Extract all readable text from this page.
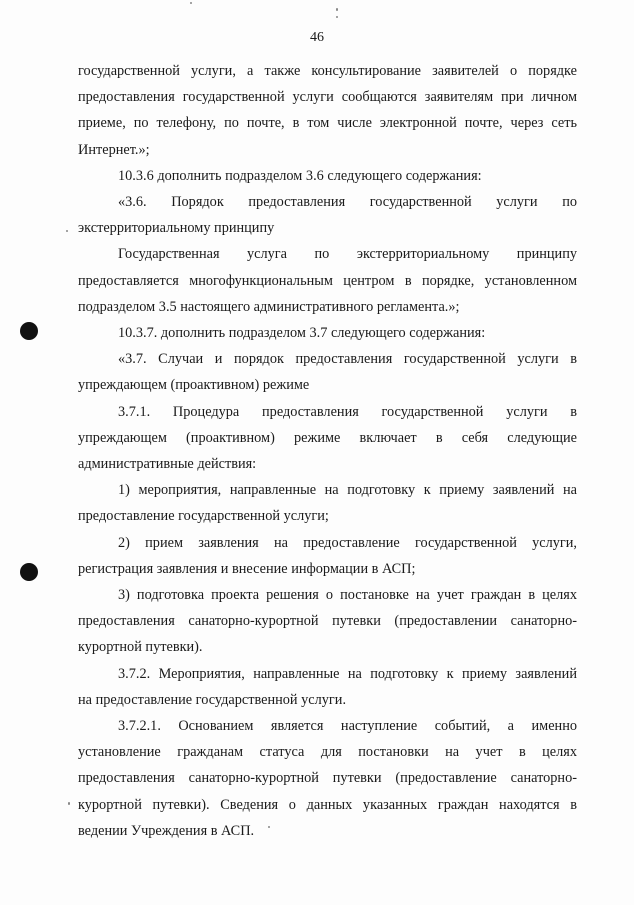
46
государственной услуги, а также консультирование заявителей о порядке
предоставления государственной услуги сообщаются заявителям при личном
приеме, по телефону, по почте, в том числе электронной почте, через сеть
Интернет.»;
10.3.6 дополнить подразделом 3.6 следующего содержания:
«3.6. Порядок предоставления государственной услуги по
экстерриториальному принципу
Государственная услуга по экстерриториальному принципу
предоставляется многофункциональным центром в порядке, установленном
подразделом 3.5 настоящего административного регламента.»;
10.3.7. дополнить подразделом 3.7 следующего содержания:
«3.7. Случаи и порядок предоставления государственной услуги в
упреждающем (проактивном) режиме
3.7.1. Процедура предоставления государственной услуги в
упреждающем (проактивном) режиме включает в себя следующие
административные действия:
1) мероприятия, направленные на подготовку к приему заявлений на
предоставление государственной услуги;
2) прием заявления на предоставление государственной услуги,
регистрация заявления и внесение информации в АСП;
3) подготовка проекта решения о постановке на учет граждан в целях
предоставления санаторно-курортной путевки (предоставлении санаторно-
курортной путевки).
3.7.2. Мероприятия, направленные на подготовку к приему заявлений
на предоставление государственной услуги.
3.7.2.1. Основанием является наступление событий, а именно
установление гражданам статуса для постановки на учет в целях
предоставления санаторно-курортной путевки (предоставление санаторно-
курортной путевки). Сведения о данных указанных граждан находятся в
ведении Учреждения в АСП.
